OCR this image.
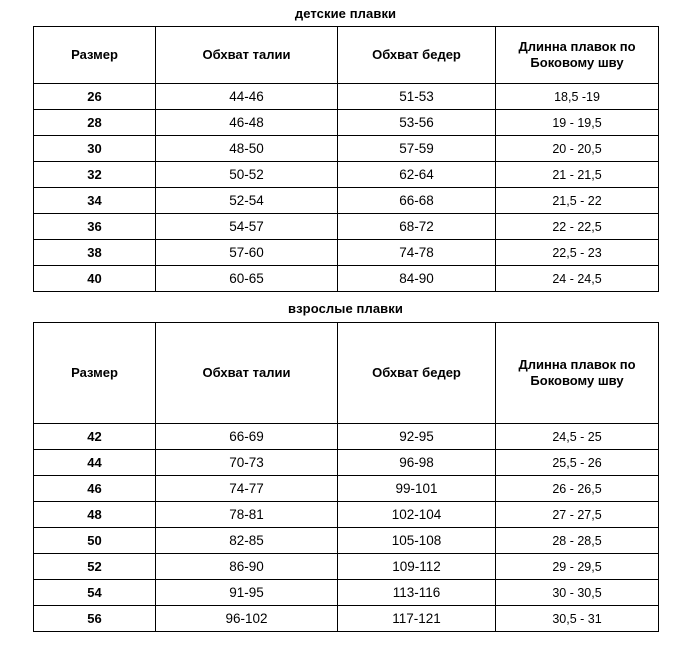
детские плавки
Размер	Обхват талии	Обхват бедер	Длинна плавок по Боковому шву
26	44-46	51-53	18,5 -19
28	46-48	53-56	19 - 19,5
30	48-50	57-59	20 - 20,5
32	50-52	62-64	21 - 21,5
34	52-54	66-68	21,5 - 22
36	54-57	68-72	22 - 22,5
38	57-60	74-78	22,5 - 23
40	60-65	84-90	24 - 24,5
взрослые плавки
Размер	Обхват талии	Обхват бедер	Длинна плавок по Боковому шву
42	66-69	92-95	24,5 - 25
44	70-73	96-98	25,5 - 26
46	74-77	99-101	26 - 26,5
48	78-81	102-104	27 - 27,5
50	82-85	105-108	28 - 28,5
52	86-90	109-112	29 - 29,5
54	91-95	113-116	30 - 30,5
56	96-102	117-121	30,5 - 31
